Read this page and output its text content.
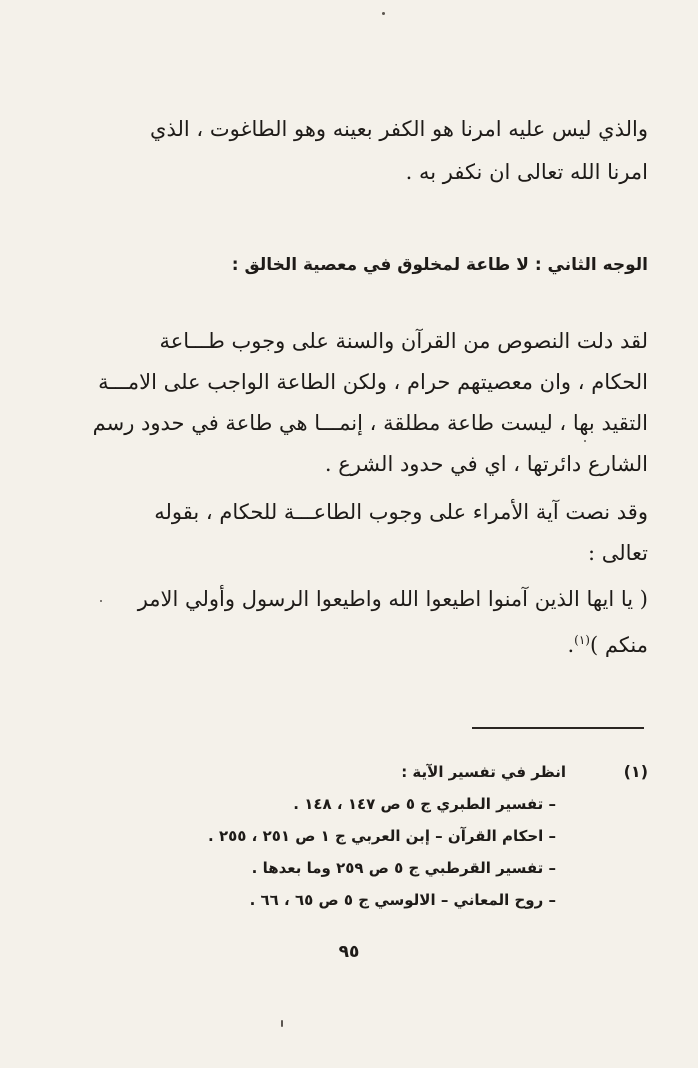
والذي ليس عليه امرنا هو الكفر بعينه وهو الطاغوت ، الذي
امرنا الله تعالى ان نكفر به .
الوجه الثاني : لا طاعة لمخلوق في معصية الخالق :
لقد دلت النصوص من القرآن والسنة على وجوب طـــاعة
الحكام ، وان معصيتهم حرام ، ولكن الطاعة الواجب على الامـــة
التقيد بها ، ليست طاعة مطلقة ، إنمـــا هي طاعة في حدود رسم
الشارع دائرتها ، اي في حدود الشرع .
وقد نصت آية الأمراء على وجوب الطاعـــة للحكام ، بقوله
تعالى :
( يا ايها الذين آمنوا اطيعوا الله واطيعوا الرسول وأولي الامر
منكم )$^{(١)}$.
(١)
انظر في تفسير الآية :
– تفسير الطبري ج ٥ ص ١٤٧ ، ١٤٨ .
– احكام القرآن – إبن العربي ج ١ ص ٢٥١ ، ٢٥٥ .
– تفسير القرطبي ج ٥ ص ٢٥٩ وما بعدها .
– روح المعاني – الالوسي ج ٥ ص ٦٥ ، ٦٦ .
٩٥
